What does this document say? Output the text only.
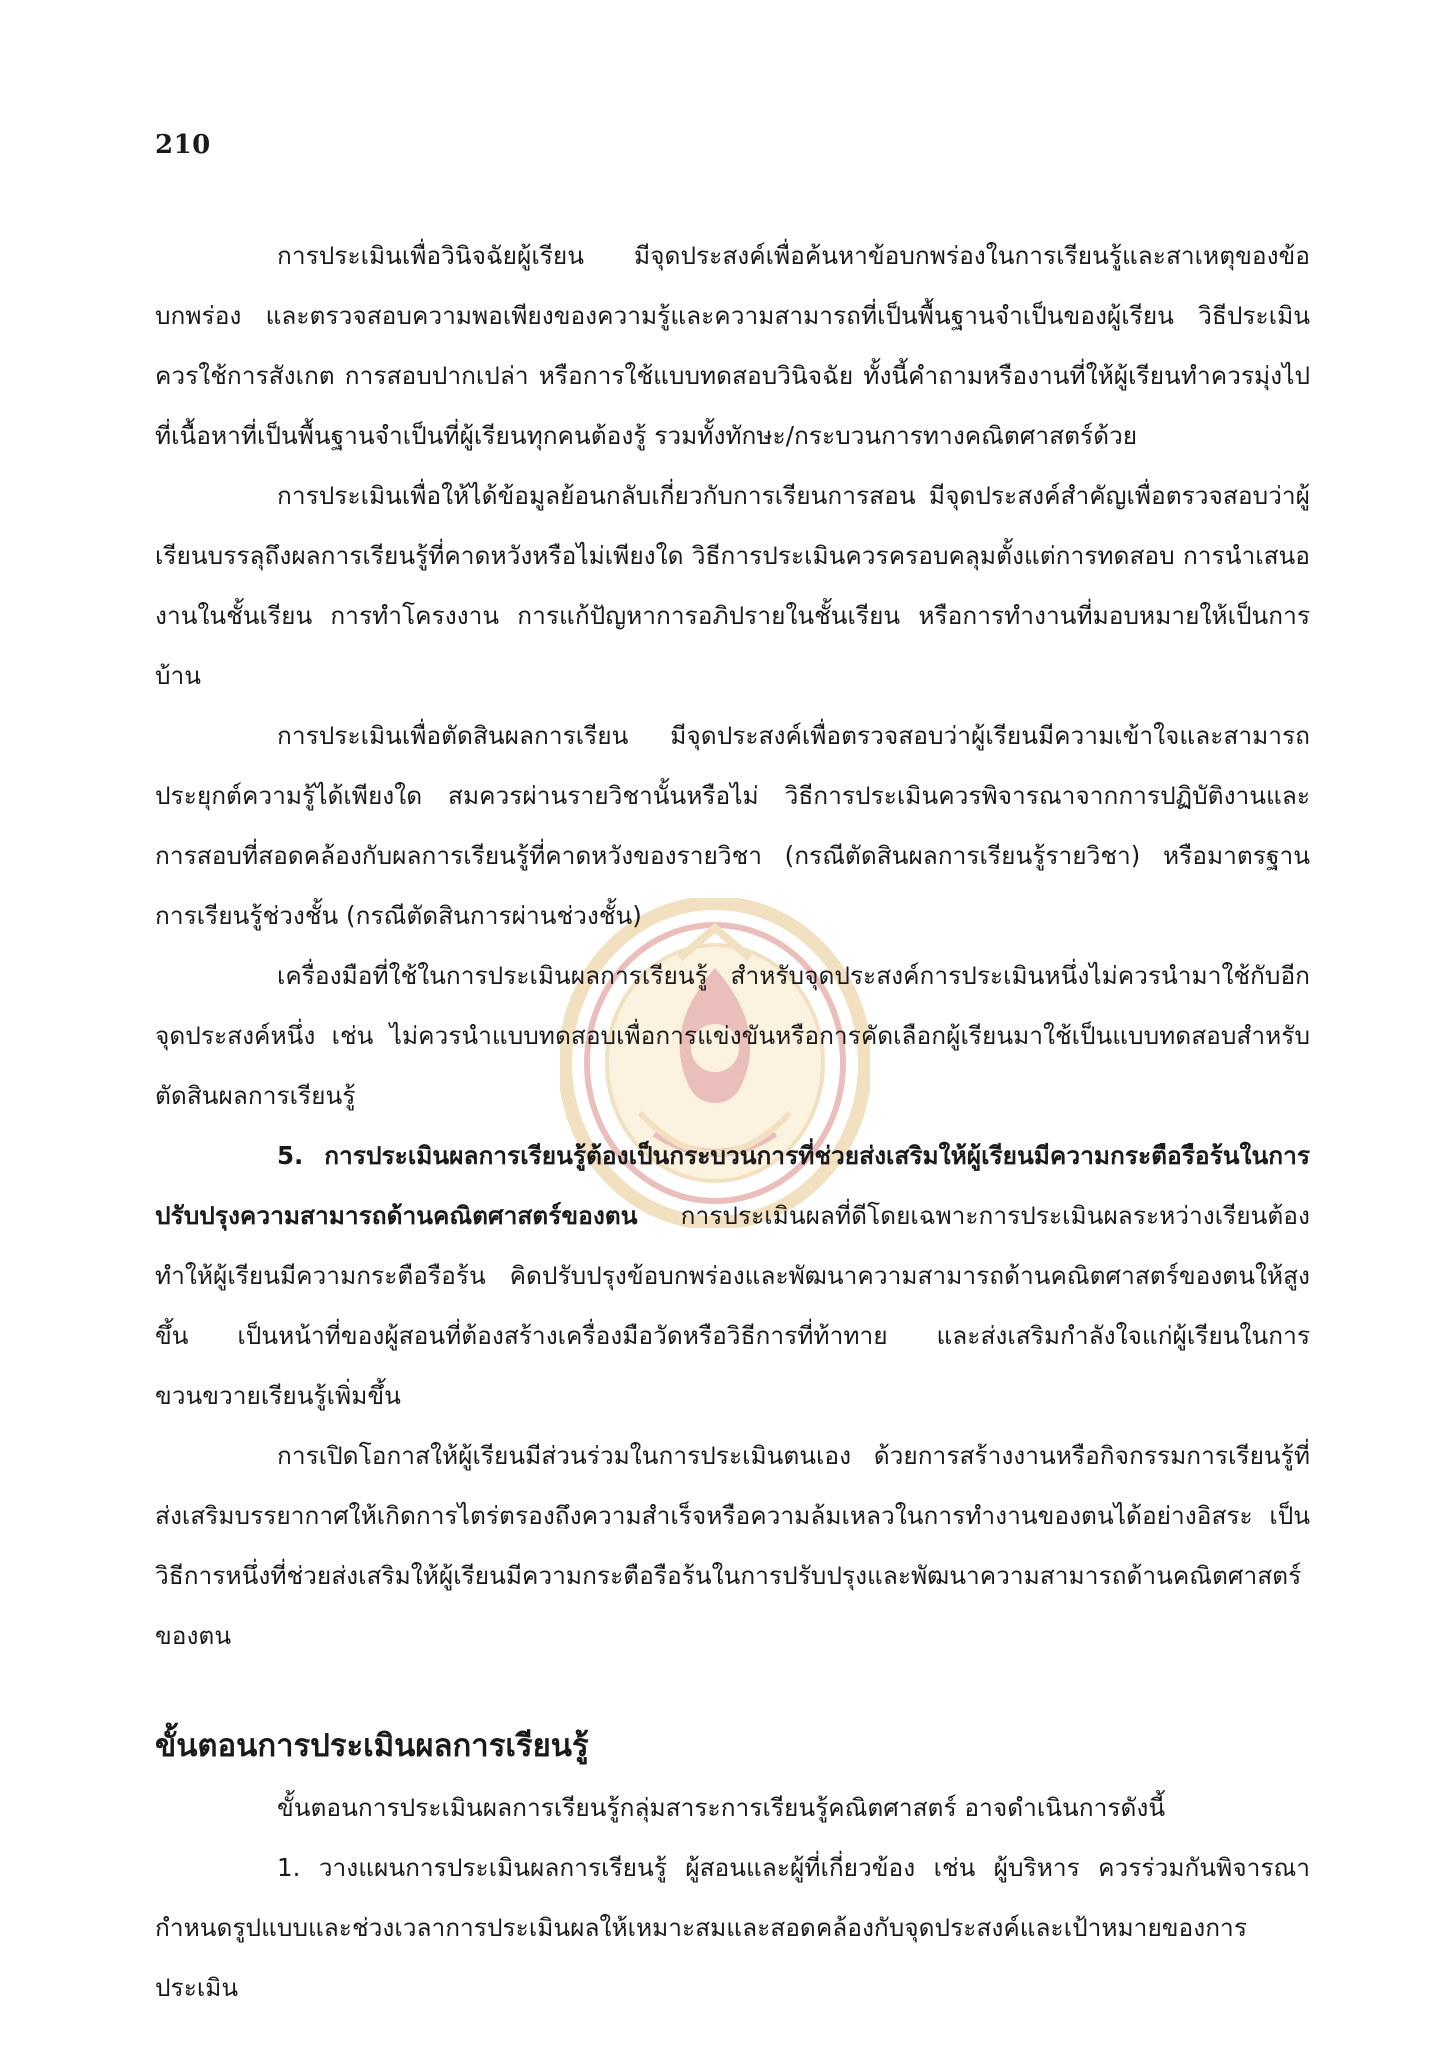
210

การประเมินเพื่อวินิจฉัยผู้เรียน มีจุดประสงค์เพื่อค้นหาข้อบกพร่องในการเรียนรู้และสาเหตุของข้อบกพร่อง และตรวจสอบความพอเพียงของความรู้และความสามารถที่เป็นพื้นฐานจำเป็นของผู้เรียน วิธีประเมินควรใช้การสังเกต การสอบปากเปล่า หรือการใช้แบบทดสอบวินิจฉัย ทั้งนี้คำถามหรืองานที่ให้ผู้เรียนทำควรมุ่งไปที่เนื้อหาที่เป็นพื้นฐานจำเป็นที่ผู้เรียนทุกคนต้องรู้ รวมทั้งทักษะ/กระบวนการทางคณิตศาสตร์ด้วย

การประเมินเพื่อให้ได้ข้อมูลย้อนกลับเกี่ยวกับการเรียนการสอน มีจุดประสงค์สำคัญเพื่อตรวจสอบว่าผู้เรียนบรรลุถึงผลการเรียนรู้ที่คาดหวังหรือไม่เพียงใด วิธีการประเมินควรครอบคลุมตั้งแต่การทดสอบ การนำเสนองานในชั้นเรียน การทำโครงงาน การแก้ปัญหาการอภิปรายในชั้นเรียน หรือการทำงานที่มอบหมายให้เป็นการบ้าน

การประเมินเพื่อตัดสินผลการเรียน มีจุดประสงค์เพื่อตรวจสอบว่าผู้เรียนมีความเข้าใจและสามารถประยุกต์ความรู้ได้เพียงใด สมควรผ่านรายวิชานั้นหรือไม่ วิธีการประเมินควรพิจารณาจากการปฏิบัติงานและการสอบที่สอดคล้องกับผลการเรียนรู้ที่คาดหวังของรายวิชา (กรณีตัดสินผลการเรียนรู้รายวิชา) หรือมาตรฐานการเรียนรู้ช่วงชั้น (กรณีตัดสินการผ่านช่วงชั้น)

เครื่องมือที่ใช้ในการประเมินผลการเรียนรู้ สำหรับจุดประสงค์การประเมินหนึ่งไม่ควรนำมาใช้กับอีกจุดประสงค์หนึ่ง เช่น ไม่ควรนำแบบทดสอบเพื่อการแข่งขันหรือการคัดเลือกผู้เรียนมาใช้เป็นแบบทดสอบสำหรับตัดสินผลการเรียนรู้

5. การประเมินผลการเรียนรู้ต้องเป็นกระบวนการที่ช่วยส่งเสริมให้ผู้เรียนมีความกระตือรือร้นในการปรับปรุงความสามารถด้านคณิตศาสตร์ของตน การประเมินผลที่ดีโดยเฉพาะการประเมินผลระหว่างเรียนต้องทำให้ผู้เรียนมีความกระตือรือร้น คิดปรับปรุงข้อบกพร่องและพัฒนาความสามารถด้านคณิตศาสตร์ของตนให้สูงขึ้น เป็นหน้าที่ของผู้สอนที่ต้องสร้างเครื่องมือวัดหรือวิธีการที่ท้าทาย และส่งเสริมกำลังใจแก่ผู้เรียนในการขวนขวายเรียนรู้เพิ่มขึ้น

การเปิดโอกาสให้ผู้เรียนมีส่วนร่วมในการประเมินตนเอง ด้วยการสร้างงานหรือกิจกรรมการเรียนรู้ที่ส่งเสริมบรรยากาศให้เกิดการไตร่ตรองถึงความสำเร็จหรือความล้มเหลวในการทำงานของตนได้อย่างอิสระ เป็นวิธีการหนึ่งที่ช่วยส่งเสริมให้ผู้เรียนมีความกระตือรือร้นในการปรับปรุงและพัฒนาความสามารถด้านคณิตศาสตร์ของตน

ขั้นตอนการประเมินผลการเรียนรู้

ขั้นตอนการประเมินผลการเรียนรู้กลุ่มสาระการเรียนรู้คณิตศาสตร์ อาจดำเนินการดังนี้

1. วางแผนการประเมินผลการเรียนรู้ ผู้สอนและผู้ที่เกี่ยวข้อง เช่น ผู้บริหาร ควรร่วมกันพิจารณากำหนดรูปแบบและช่วงเวลาการประเมินผลให้เหมาะสมและสอดคล้องกับจุดประสงค์และเป้าหมายของการประเมิน
